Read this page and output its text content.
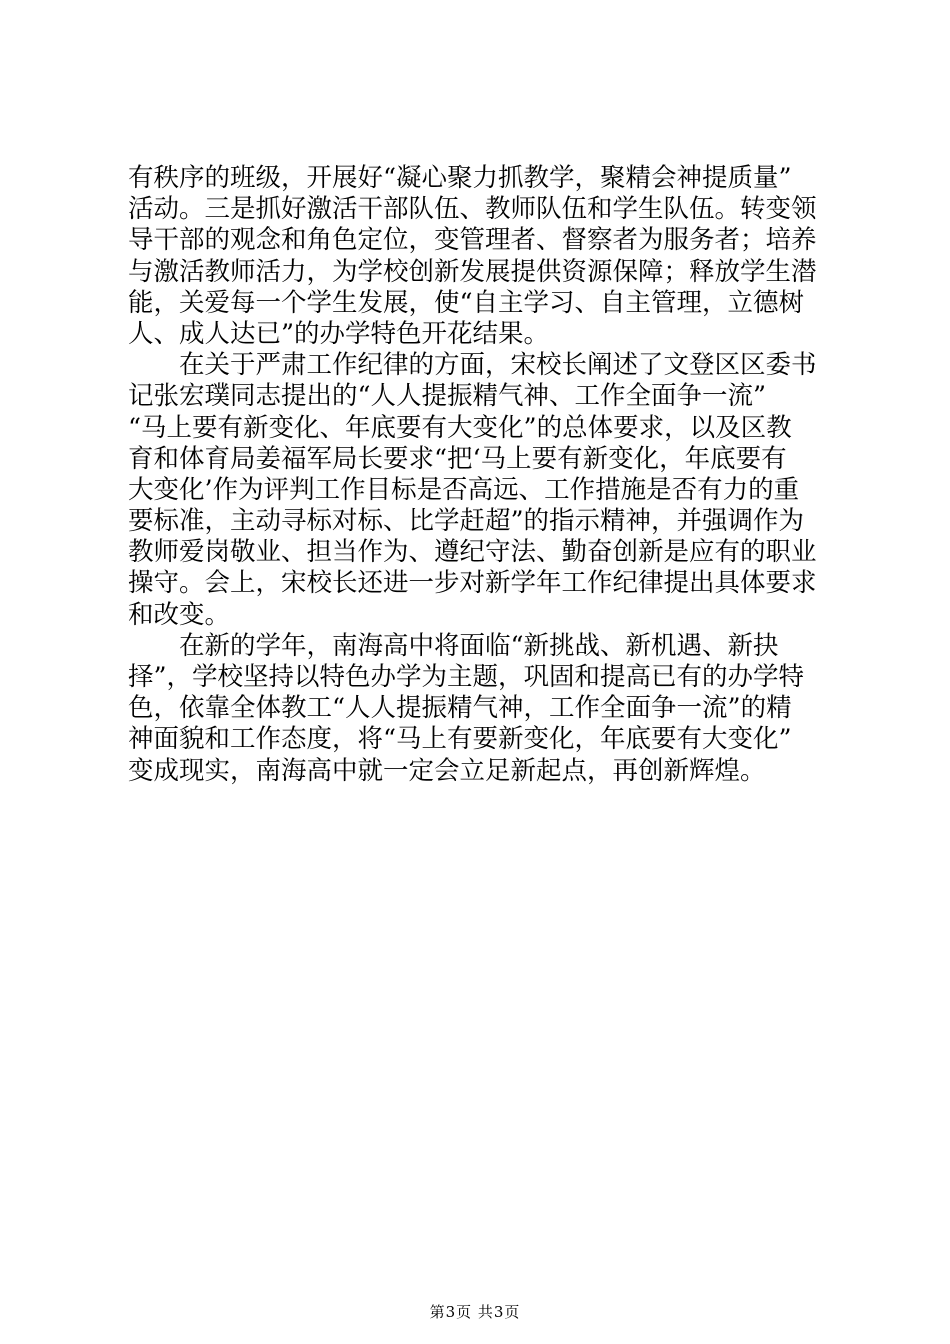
有秩序的班级，开展好“凝心聚力抓教学，聚精会神提质量”
活动。三是抓好激活干部队伍、教师队伍和学生队伍。转变领
导干部的观念和角色定位，变管理者、督察者为服务者；培养
与激活教师活力，为学校创新发展提供资源保障；释放学生潜
能，关爱每一个学生发展，使“自主学习、自主管理，立德树
人、成人达已”的办学特色开花结果。
　　在关于严肃工作纪律的方面，宋校长阐述了文登区区委书
记张宏璞同志提出的“人人提振精气神、工作全面争一流”
“马上要有新变化、年底要有大变化”的总体要求，以及区教
育和体育局姜福军局长要求“把‘马上要有新变化，年底要有
大变化’作为评判工作目标是否高远、工作措施是否有力的重
要标准，主动寻标对标、比学赶超”的指示精神，并强调作为
教师爱岗敬业、担当作为、遵纪守法、勤奋创新是应有的职业
操守。会上，宋校长还进一步对新学年工作纪律提出具体要求
和改变。
　　在新的学年，南海高中将面临“新挑战、新机遇、新抉
择”，学校坚持以特色办学为主题，巩固和提高已有的办学特
色，依靠全体教工“人人提振精气神，工作全面争一流”的精
神面貌和工作态度，将“马上有要新变化，年底要有大变化”
变成现实，南海高中就一定会立足新起点，再创新辉煌。
第3页 共3页
